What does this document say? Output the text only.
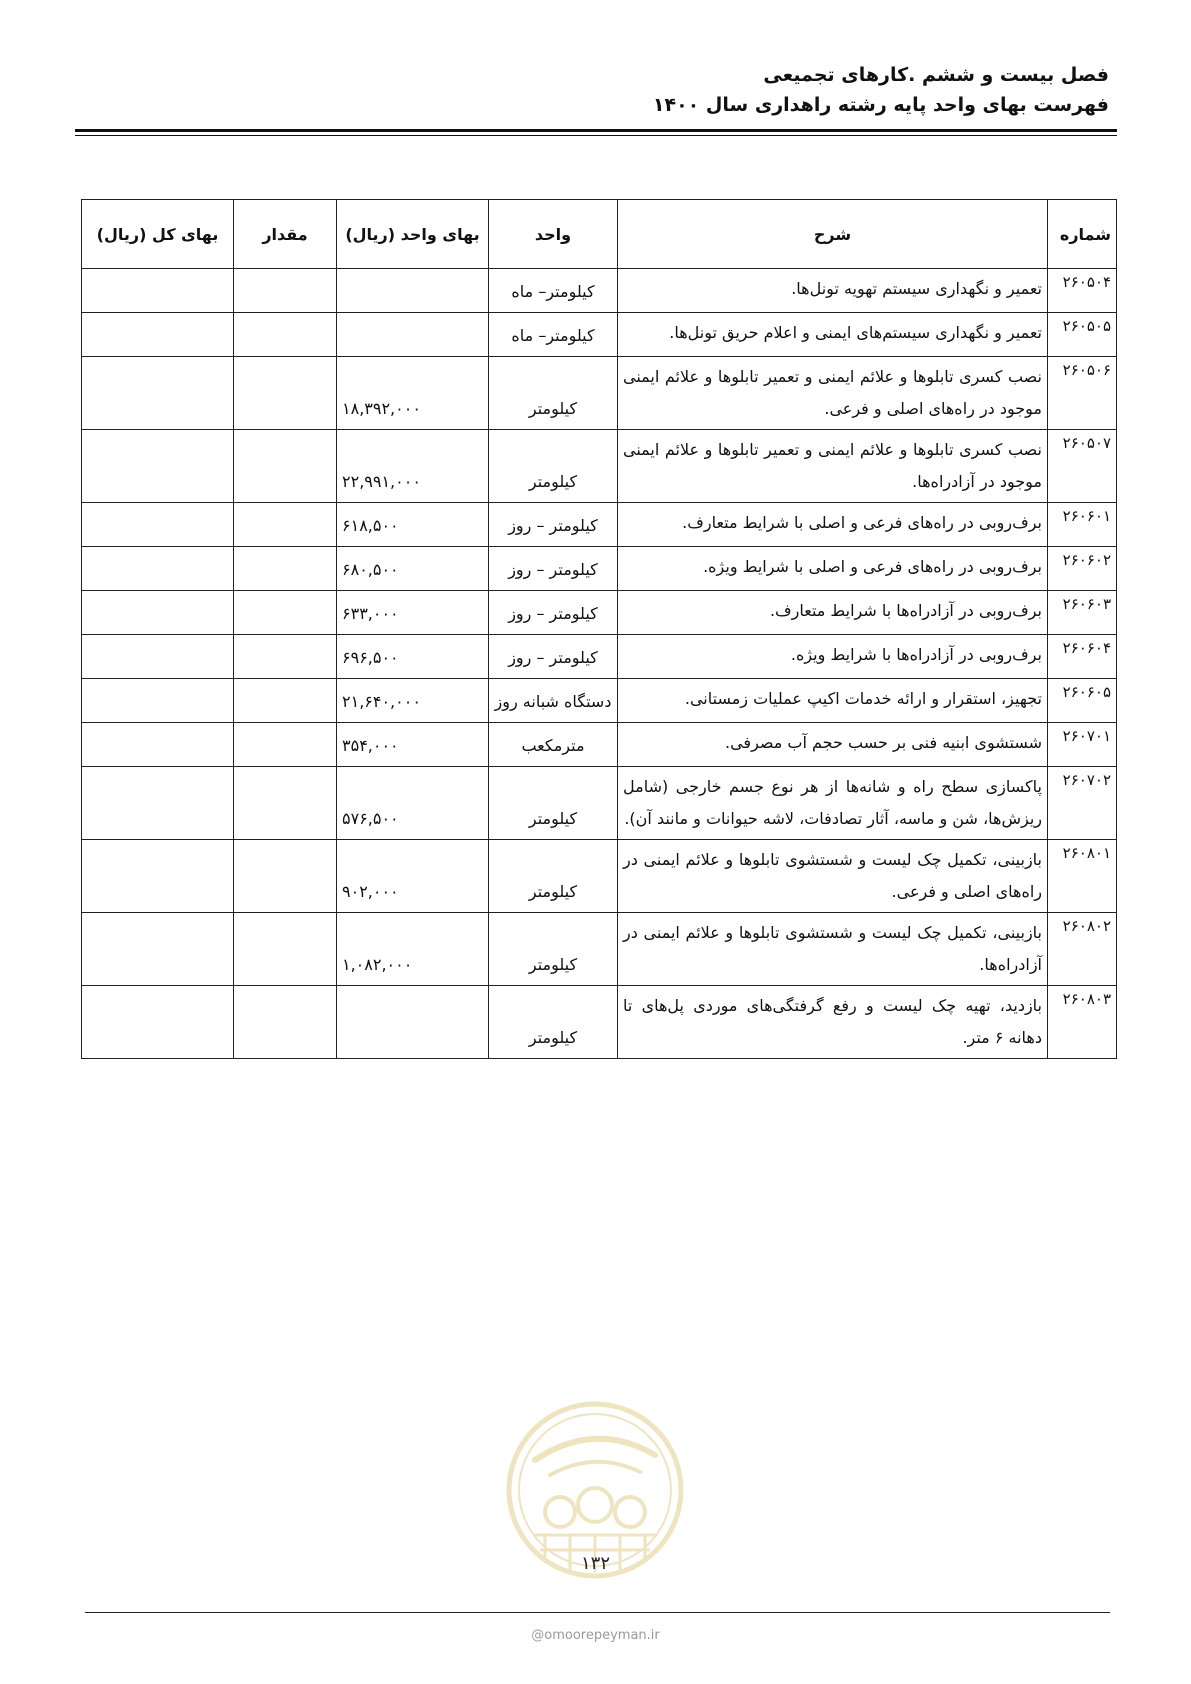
فصل بیست و ششم .کارهای تجمیعی
فهرست بهای واحد پایه رشته راهداری سال ۱۴۰۰
شماره	شرح	واحد	بهای واحد (ریال)	مقدار	بهای کل (ریال)
۲۶۰۵۰۴	تعمیر و نگهداری سیستم تهویه تونل‌ها.	کیلومتر– ماه			
۲۶۰۵۰۵	تعمیر و نگهداری سیستم‌های ایمنی و اعلام حریق تونل‌ها.	کیلومتر– ماه			
۲۶۰۵۰۶	نصب کسری تابلوها و علائم ایمنی و تعمیر تابلوها و علائم ایمنی موجود در راه‌های اصلی و فرعی.	کیلومتر	۱۸,۳۹۲,۰۰۰		
۲۶۰۵۰۷	نصب کسری تابلوها و علائم ایمنی و تعمیر تابلوها و علائم ایمنی موجود در آزادراه‌ها.	کیلومتر	۲۲,۹۹۱,۰۰۰		
۲۶۰۶۰۱	برف‌روبی در راه‌های فرعی و اصلی با شرایط متعارف.	کیلومتر – روز	۶۱۸,۵۰۰		
۲۶۰۶۰۲	برف‌روبی در راه‌های فرعی و اصلی با شرایط ویژه.	کیلومتر – روز	۶۸۰,۵۰۰		
۲۶۰۶۰۳	برف‌روبی در آزادراه‌ها با شرایط متعارف.	کیلومتر – روز	۶۳۳,۰۰۰		
۲۶۰۶۰۴	برف‌روبی در آزادراه‌ها با شرایط ویژه.	کیلومتر – روز	۶۹۶,۵۰۰		
۲۶۰۶۰۵	تجهیز، استقرار و ارائه خدمات اکیپ عملیات زمستانی.	دستگاه شبانه روز	۲۱,۶۴۰,۰۰۰		
۲۶۰۷۰۱	شستشوی ابنیه فنی بر حسب حجم آب مصرفی.	مترمکعب	۳۵۴,۰۰۰		
۲۶۰۷۰۲	پاکسازی سطح راه و شانه‌ها از هر نوع جسم خارجی (شامل ریزش‌ها، شن و ماسه، آثار تصادفات، لاشه حیوانات و مانند آن).	کیلومتر	۵۷۶,۵۰۰		
۲۶۰۸۰۱	بازبینی، تکمیل چک لیست و شستشوی تابلوها و علائم ایمنی در راه‌های اصلی و فرعی.	کیلومتر	۹۰۲,۰۰۰		
۲۶۰۸۰۲	بازبینی، تکمیل چک لیست و شستشوی تابلوها و علائم ایمنی در آزادراه‌ها.	کیلومتر	۱,۰۸۲,۰۰۰		
۲۶۰۸۰۳	بازدید، تهیه چک لیست و رفع گرفتگی‌های موردی پل‌های تا دهانه ۶ متر.	کیلومتر			
۱۳۲
@omoorepeyman.ir
